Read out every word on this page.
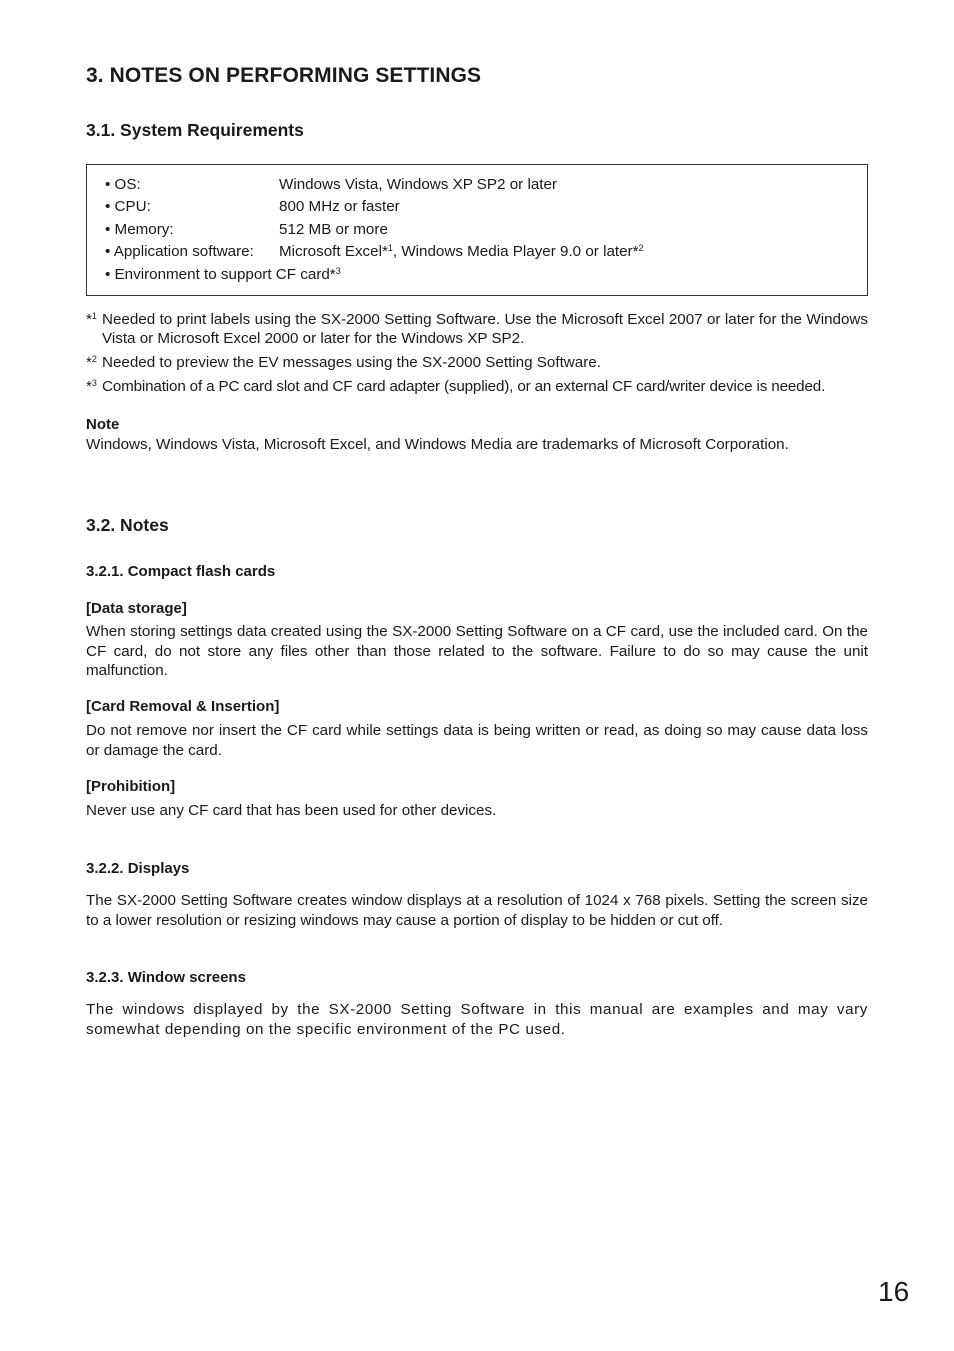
3. NOTES ON PERFORMING SETTINGS
3.1. System Requirements
• OS:	Windows Vista, Windows XP SP2 or later
• CPU:	800 MHz or faster
• Memory:	512 MB or more
• Application software: Microsoft Excel*$^1$, Windows Media Player 9.0 or later*$^2$
• Environment to support CF card*$^3$
*$^1$ Needed to print labels using the SX-2000 Setting Software. Use the Microsoft Excel 2007 or later for the Windows Vista or Microsoft Excel 2000 or later for the Windows XP SP2.
*$^2$ Needed to preview the EV messages using the SX-2000 Setting Software.
*$^3$ Combination of a PC card slot and CF card adapter (supplied), or an external CF card/writer device is needed.
Note
Windows, Windows Vista, Microsoft Excel, and Windows Media are trademarks of Microsoft Corporation.
3.2. Notes
3.2.1. Compact flash cards
[Data storage]
When storing settings data created using the SX-2000 Setting Software on a CF card, use the included card. On the CF card, do not store any files other than those related to the software. Failure to do so may cause the unit malfunction.
[Card Removal & Insertion]
Do not remove nor insert the CF card while settings data is being written or read, as doing so may cause data loss or damage the card.
[Prohibition]
Never use any CF card that has been used for other devices.
3.2.2. Displays
The SX-2000 Setting Software creates window displays at a resolution of 1024 x 768 pixels. Setting the screen size to a lower resolution or resizing windows may cause a portion of display to be hidden or cut off.
3.2.3. Window screens
The windows displayed by the SX-2000 Setting Software in this manual are examples and may vary somewhat depending on the specific environment of the PC used.
16
